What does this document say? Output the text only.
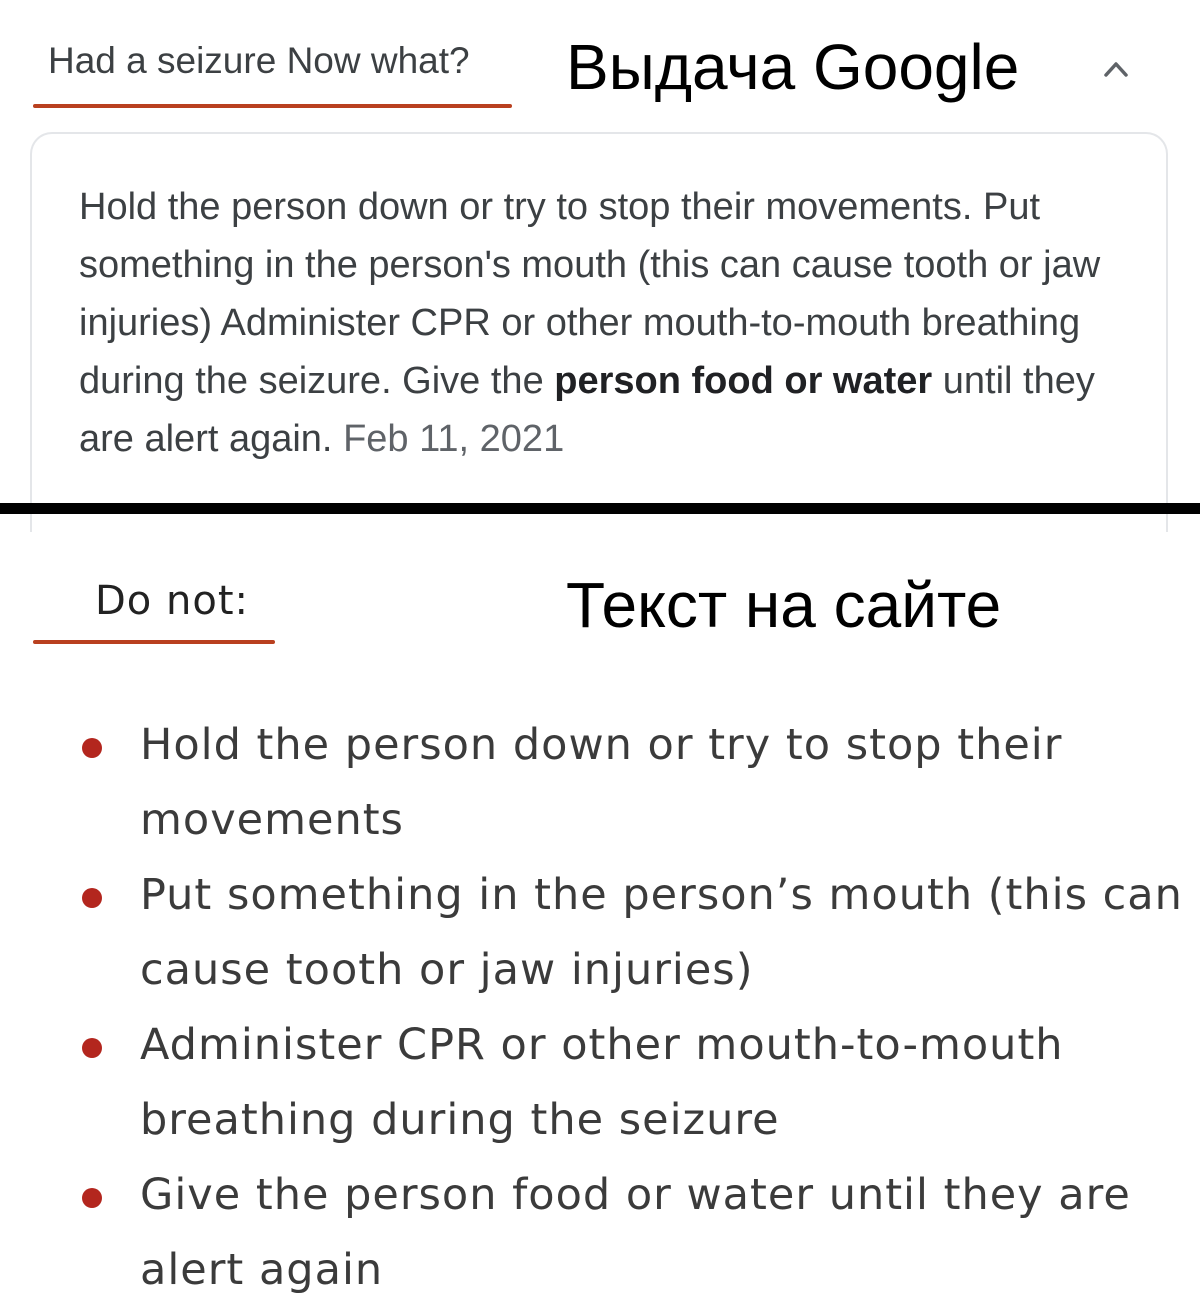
Had a seizure Now what? Выдача Google
Hold the person down or try to stop their movements. Put something in the person's mouth (this can cause tooth or jaw injuries) Administer CPR or other mouth-to-mouth breathing during the seizure. Give the person food or water until they are alert again. Feb 11, 2021
Do not:	Текст на сайте
Hold the person down or try to stop their movements
Put something in the person’s mouth (this can cause tooth or jaw injuries)
Administer CPR or other mouth-to-mouth breathing during the seizure
Give the person food or water until they are alert again
